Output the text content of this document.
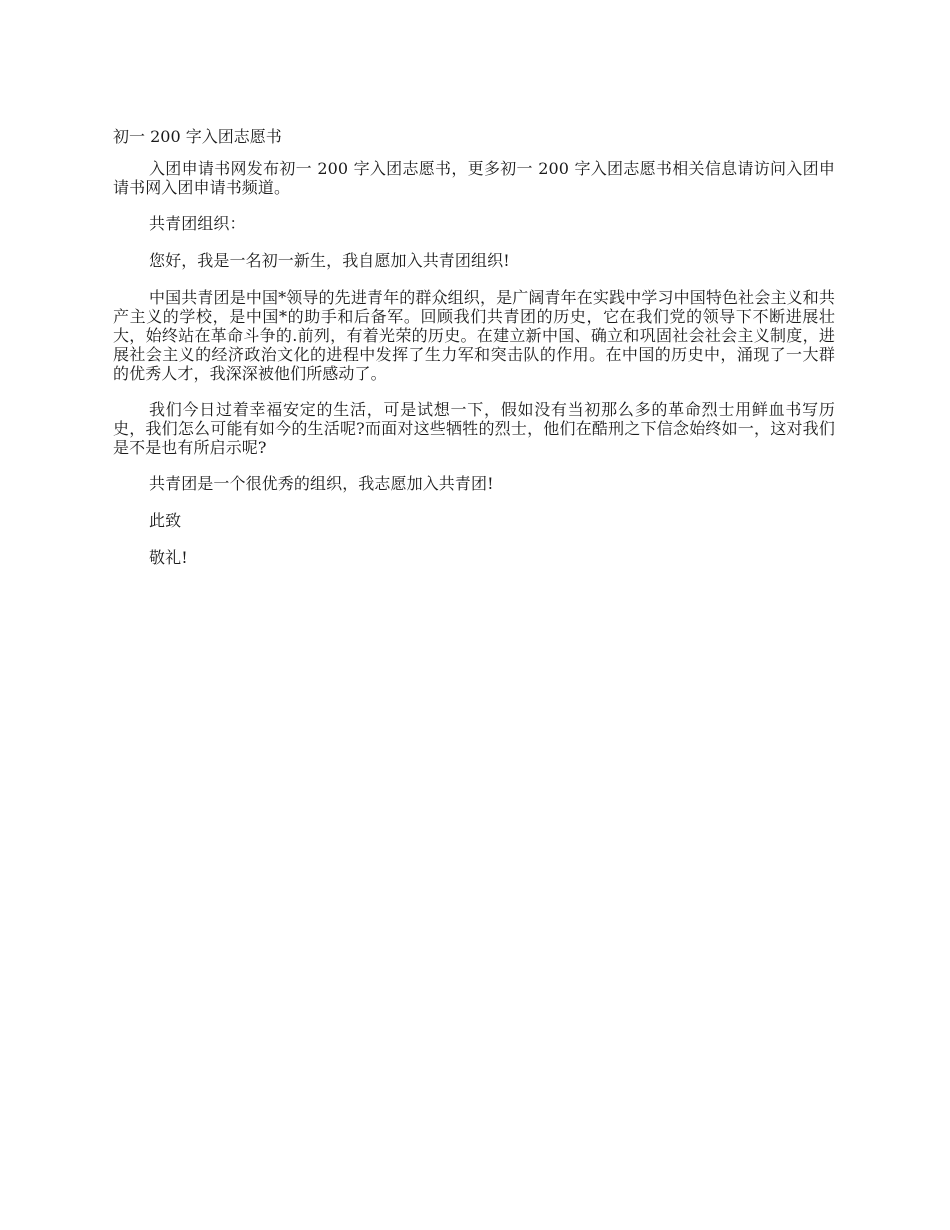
初一 200 字入团志愿书

入团申请书网发布初一 200 字入团志愿书，更多初一 200 字入团志愿书相关信息请访问入团申请书网入团申请书频道。

共青团组织：

您好，我是一名初一新生，我自愿加入共青团组织!

中国共青团是中国*领导的先进青年的群众组织，是广阔青年在实践中学习中国特色社会主义和共产主义的学校，是中国*的助手和后备军。回顾我们共青团的历史，它在我们党的领导下不断进展壮大，始终站在革命斗争的.前列，有着光荣的历史。在建立新中国、确立和巩固社会社会主义制度，进展社会主义的经济政治文化的进程中发挥了生力军和突击队的作用。在中国的历史中，涌现了一大群的优秀人才，我深深被他们所感动了。

我们今日过着幸福安定的生活，可是试想一下，假如没有当初那么多的革命烈士用鲜血书写历史，我们怎么可能有如今的生活呢?而面对这些牺牲的烈士，他们在酷刑之下信念始终如一，这对我们是不是也有所启示呢?

共青团是一个很优秀的组织，我志愿加入共青团!

此致

敬礼!
